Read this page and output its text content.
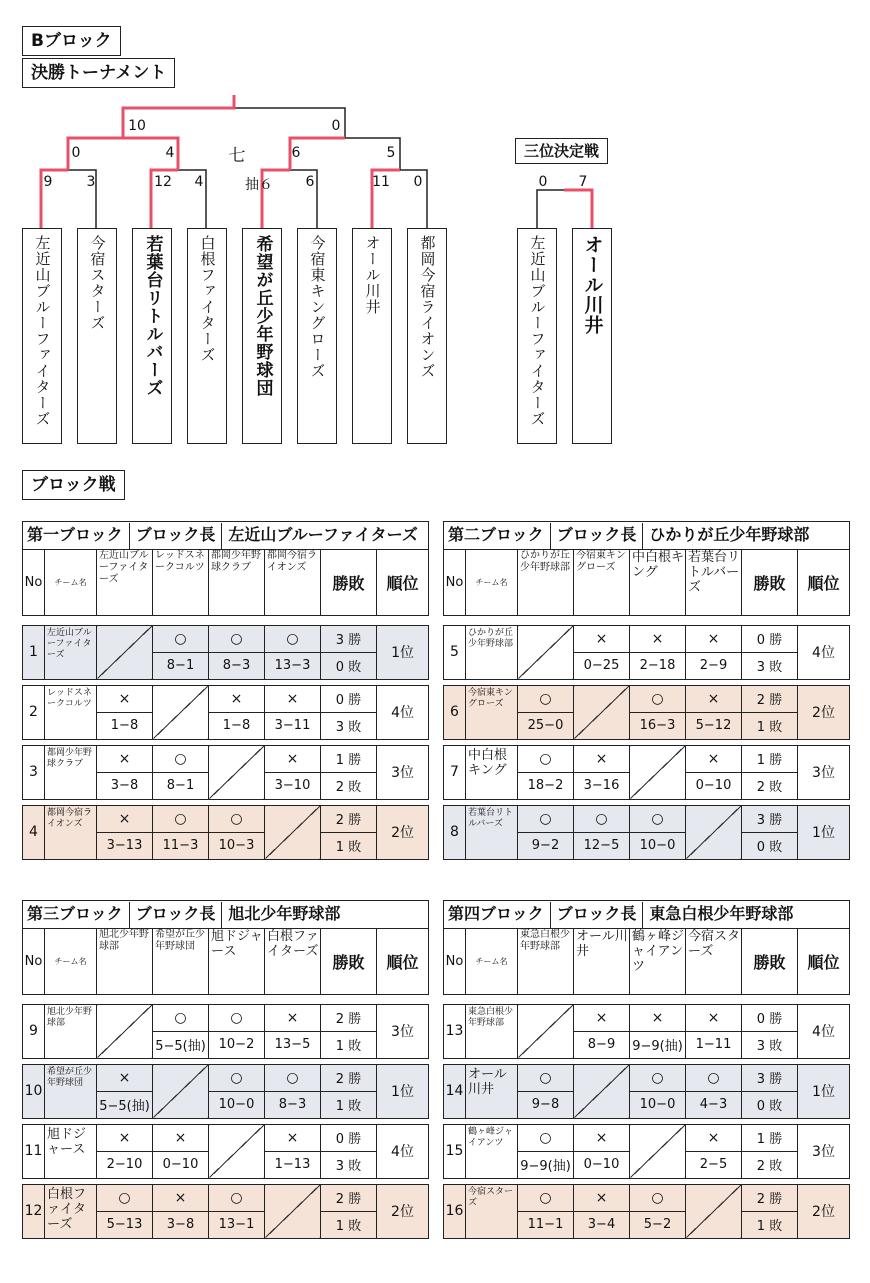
Bブロック
決勝トーナメント
三位決定戦
ブロック戦
10	0
七
0	4	6	5
9 3	12 4	抽６ 6	11 0	0 7
左近山ブルーファイターズ 今宿スターズ 若葉台リトルバーズ 白根ファイターズ 希望が丘少年野球団 今宿東キングローズ オール川井 都岡今宿ライオンズ	左近山ブルーファイターズ オール川井
第一ブロック ブロック長 左近山ブルーファイターズ							
No	チーム名	左近山ブルーファイターズ	レッドスネークコルツ	都岡少年野球クラブ	都岡今宿ライオンズ	勝敗	順位

1	左近山ブルーファイターズ		○	○	○	3 勝	1位
			8−1	8−3	13−3	0 敗	

2	レッドスネークコルツ	×		×	×	0 勝	4位
		1−8		1−8	3−11	3 敗	

3	都岡少年野球クラブ	×	○		×	1 勝	3位
		3−8	8−1		3−10	2 敗	

4	都岡今宿ライオンズ	×	○	○		2 勝	2位
		3−13	11−3	10−3		1 敗	
第二ブロック ブロック長 ひかりが丘少年野球部							
No	チーム名	ひかりが丘少年野球部	今宿東キングローズ	中白根キング	若葉台リトルバーズ	勝敗	順位

5	ひかりが丘少年野球部		×	×	×	0 勝	4位
			0−25	2−18	2−9	3 敗	

6	今宿東キングローズ	○		○	×	2 勝	2位
		25−0		16−3	5−12	1 敗	

7	中白根キング	○	×		×	1 勝	3位
		18−2	3−16		0−10	2 敗	

8	若葉台リトルバーズ	○	○	○		3 勝	1位
		9−2	12−5	10−0		0 敗	
第三ブロック ブロック長 旭北少年野球部							
No	チーム名	旭北少年野球部	希望が丘少年野球団	旭ドジャース	白根ファイターズ	勝敗	順位

9	旭北少年野球部		○	○	×	2 勝	3位
			5−5(抽)	10−2	13−5	1 敗	

10	希望が丘少年野球団	×		○	○	2 勝	1位
		5−5(抽)		10−0	8−3	1 敗	

11	旭ドジャース	×	×		×	0 勝	4位
		2−10	0−10		1−13	3 敗	

12	白根ファイターズ	○	×	○		2 勝	2位
		5−13	3−8	13−1		1 敗	
第四ブロック ブロック長 東急白根少年野球部							
No	チーム名	東急白根少年野球部	オール川井	鶴ヶ峰ジャイアンツ	今宿スターズ	勝敗	順位

13	東急白根少年野球部		×	×	×	0 勝	4位
			8−9	9−9(抽)	1−11	3 敗	

14	オール川井	○		○	○	3 勝	1位
		9−8		10−0	4−3	0 敗	

15	鶴ヶ峰ジャイアンツ	○	×		×	1 勝	3位
		9−9(抽)	0−10		2−5	2 敗	

16	今宿スターズ	○	×	○		2 勝	2位
		11−1	3−4	5−2		1 敗	
